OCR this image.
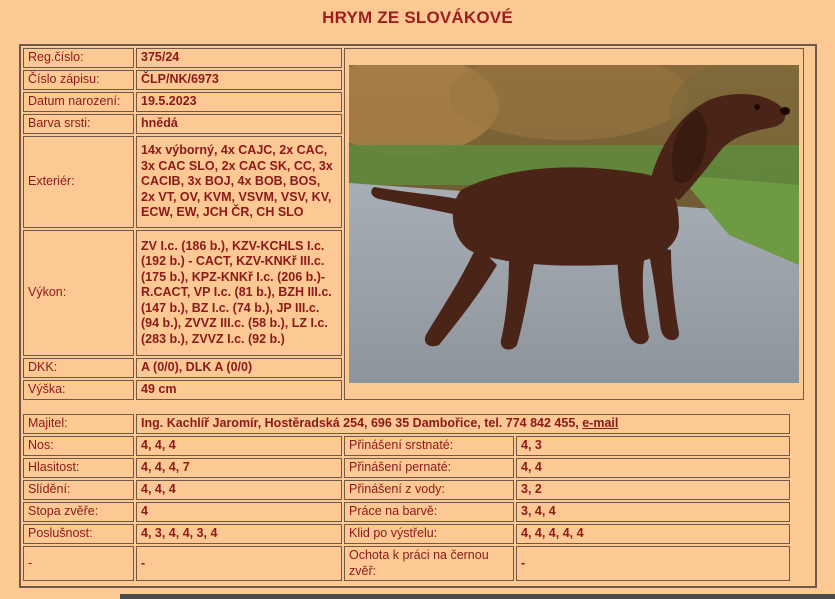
HRYM ZE SLOVÁKOVÉ
Reg.číslo:	375/24	

Číslo zápisu:	ČLP/NK/6973	
Datum narození:	19.5.2023	
Barva srsti:	hnědá	
Exteriér:	14x výborný, 4x CAJC, 2x CAC, 3x CAC SLO, 2x CAC SK, CC, 3x CACIB, 3x BOJ, 4x BOB, BOS, 2x VT, OV, KVM, VSVM, VSV, KV, ECW, EW, JCH ČR, CH SLO	
Výkon:	ZV I.c. (186 b.), KZV-KCHLS I.c. (192 b.) - CACT, KZV-KNKř III.c. (175 b.), KPZ-KNKř I.c. (206 b.)-R.CACT, VP I.c. (81 b.), BZH III.c. (147 b.), BZ I.c. (74 b.), JP III.c. (94 b.), ZVVZ III.c. (58 b.), LZ I.c. (283 b.), ZVVZ I.c. (92 b.)	
DKK:	A (0/0), DLK A (0/0)	
Výška:	49 cm	
Majitel:	Ing. Kachlíř Jaromír, Hostěradská 254, 696 35 Dambořice, tel. 774 842 455, e-mail		
Nos:	4, 4, 4	Přinášení srstnaté:	4, 3
Hlasitost:	4, 4, 4, 7	Přinášení pernaté:	4, 4
Slídění:	4, 4, 4	Přinášení z vody:	3, 2
Stopa zvěře:	4	Práce na barvě:	3, 4, 4
Poslušnost:	4, 3, 4, 4, 3, 4	Klid po výstřelu:	4, 4, 4, 4, 4
-	-	Ochota k práci na černou zvěř:	-
